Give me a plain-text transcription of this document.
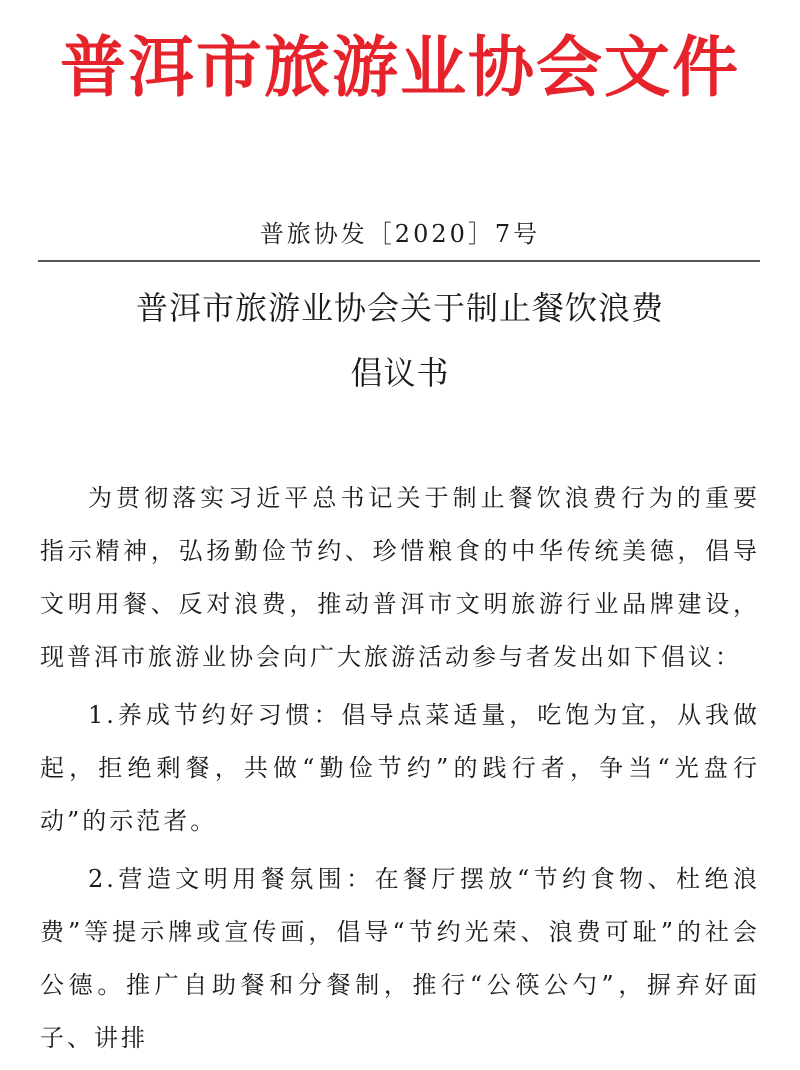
普洱市旅游业协会文件
普旅协发［2020］7号
普洱市旅游业协会关于制止餐饮浪费
倡议书

为贯彻落实习近平总书记关于制止餐饮浪费行为的重要指示精神，弘扬勤俭节约、珍惜粮食的中华传统美德，倡导文明用餐、反对浪费，推动普洱市文明旅游行业品牌建设，现普洱市旅游业协会向广大旅游活动参与者发出如下倡议：

1.养成节约好习惯：倡导点菜适量，吃饱为宜，从我做起，拒绝剩餐，共做“勤俭节约”的践行者，争当“光盘行动”的示范者。

2.营造文明用餐氛围：在餐厅摆放“节约食物、杜绝浪费”等提示牌或宣传画，倡导“节约光荣、浪费可耻”的社会公德。推广自助餐和分餐制，推行“公筷公勺”，摒弃好面子、讲排
